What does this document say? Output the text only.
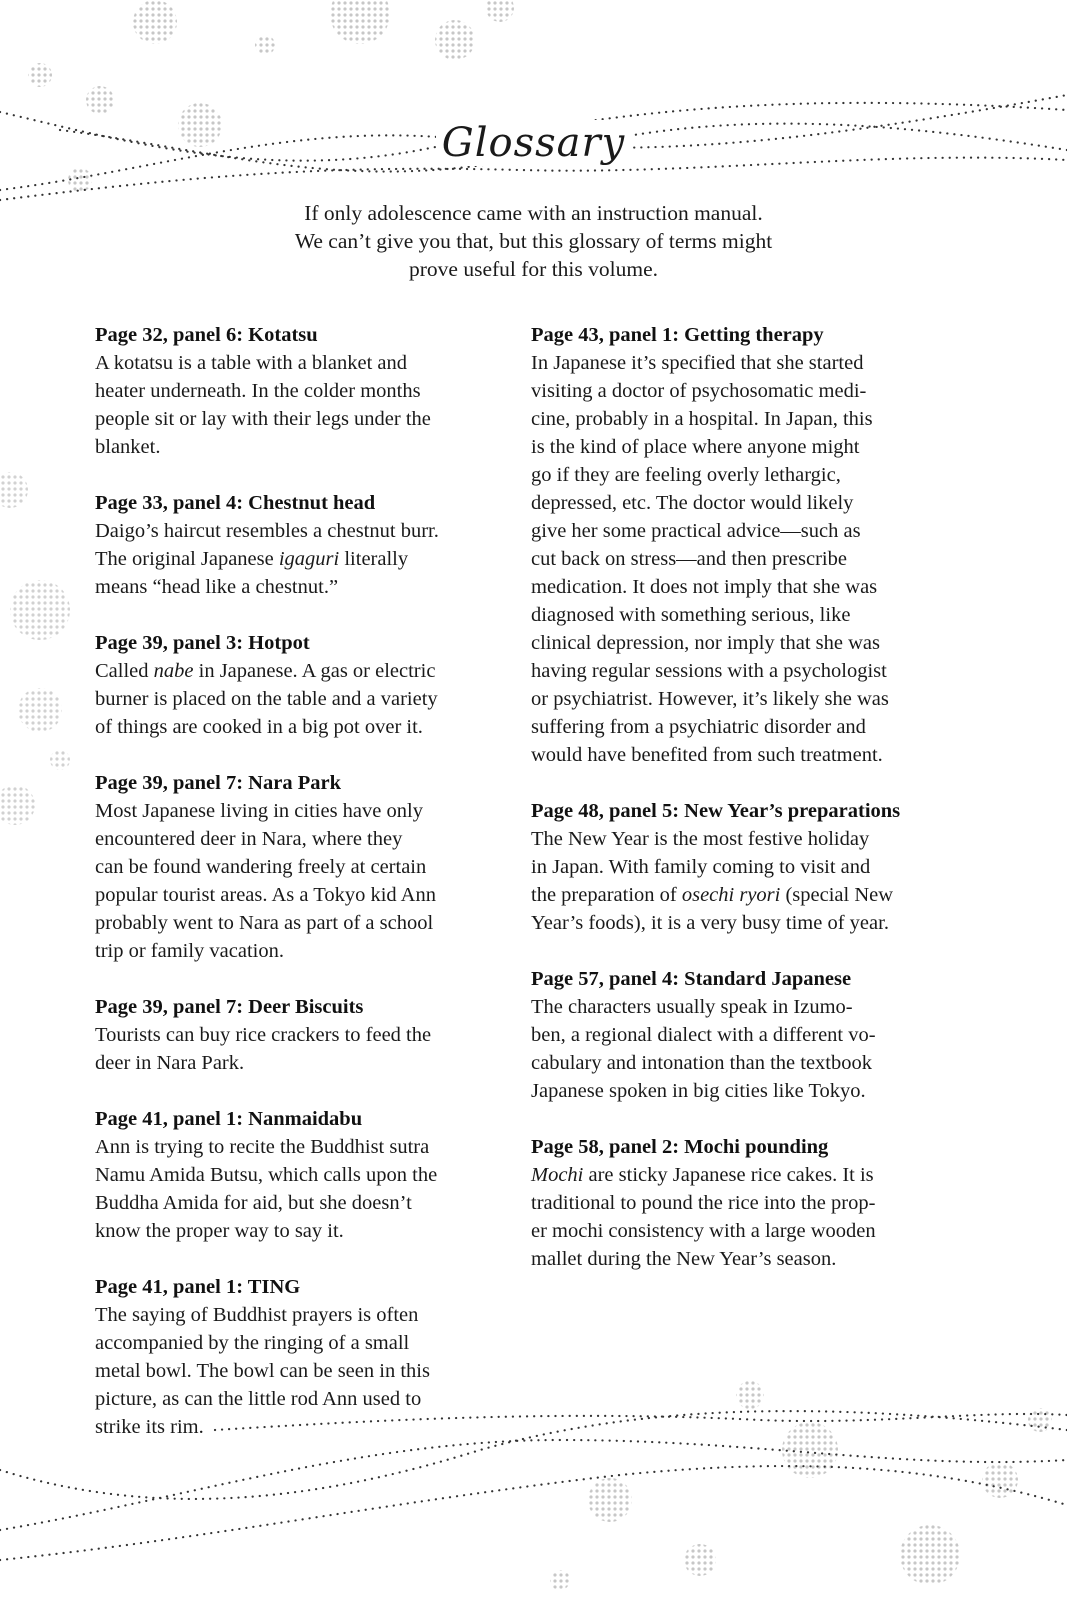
Glossary
If only adolescence came with an instruction manual.
We can’t give you that, but this glossary of terms might
prove useful for this volume.
Page 32, panel 6: Kotatsu
A kotatsu is a table with a blanket and
heater underneath. In the colder months
people sit or lay with their legs under the
blanket.
Page 33, panel 4: Chestnut head
Daigo’s haircut resembles a chestnut burr.
The original Japanese igaguri literally
means “head like a chestnut.”
Page 39, panel 3: Hotpot
Called nabe in Japanese. A gas or electric
burner is placed on the table and a variety
of things are cooked in a big pot over it.
Page 39, panel 7: Nara Park
Most Japanese living in cities have only
encountered deer in Nara, where they
can be found wandering freely at certain
popular tourist areas. As a Tokyo kid Ann
probably went to Nara as part of a school
trip or family vacation.
Page 39, panel 7: Deer Biscuits
Tourists can buy rice crackers to feed the
deer in Nara Park.
Page 41, panel 1: Nanmaidabu
Ann is trying to recite the Buddhist sutra
Namu Amida Butsu, which calls upon the
Buddha Amida for aid, but she doesn’t
know the proper way to say it.
Page 41, panel 1: TING
The saying of Buddhist prayers is often
accompanied by the ringing of a small
metal bowl. The bowl can be seen in this
picture, as can the little rod Ann used to
strike its rim.
Page 43, panel 1: Getting therapy
In Japanese it’s specified that she started
visiting a doctor of psychosomatic medi-
cine, probably in a hospital. In Japan, this
is the kind of place where anyone might
go if they are feeling overly lethargic,
depressed, etc. The doctor would likely
give her some practical advice—such as
cut back on stress—and then prescribe
medication. It does not imply that she was
diagnosed with something serious, like
clinical depression, nor imply that she was
having regular sessions with a psychologist
or psychiatrist. However, it’s likely she was
suffering from a psychiatric disorder and
would have benefited from such treatment.
Page 48, panel 5: New Year’s preparations
The New Year is the most festive holiday
in Japan. With family coming to visit and
the preparation of osechi ryori (special New
Year’s foods), it is a very busy time of year.
Page 57, panel 4: Standard Japanese
The characters usually speak in Izumo-
ben, a regional dialect with a different vo-
cabulary and intonation than the textbook
Japanese spoken in big cities like Tokyo.
Page 58, panel 2: Mochi pounding
Mochi are sticky Japanese rice cakes. It is
traditional to pound the rice into the prop-
er mochi consistency with a large wooden
mallet during the New Year’s season.
